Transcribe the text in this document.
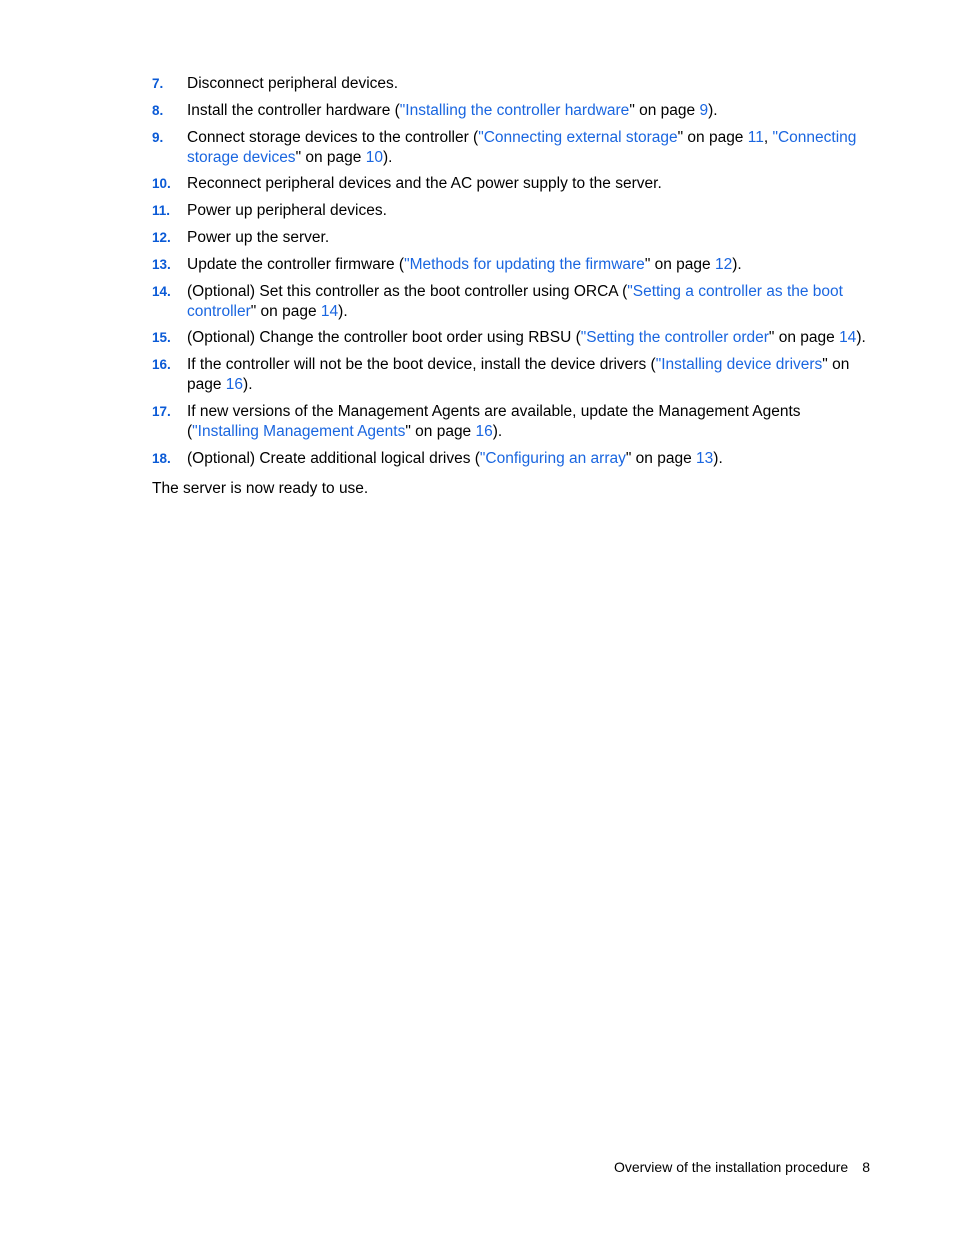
7. Disconnect peripheral devices.
8. Install the controller hardware ("Installing the controller hardware" on page 9).
9. Connect storage devices to the controller ("Connecting external storage" on page 11, "Connecting storage devices" on page 10).
10. Reconnect peripheral devices and the AC power supply to the server.
11. Power up peripheral devices.
12. Power up the server.
13. Update the controller firmware ("Methods for updating the firmware" on page 12).
14. (Optional) Set this controller as the boot controller using ORCA ("Setting a controller as the boot controller" on page 14).
15. (Optional) Change the controller boot order using RBSU ("Setting the controller order" on page 14).
16. If the controller will not be the boot device, install the device drivers ("Installing device drivers" on page 16).
17. If new versions of the Management Agents are available, update the Management Agents ("Installing Management Agents" on page 16).
18. (Optional) Create additional logical drives ("Configuring an array" on page 13).

The server is now ready to use.

Overview of the installation procedure 8
